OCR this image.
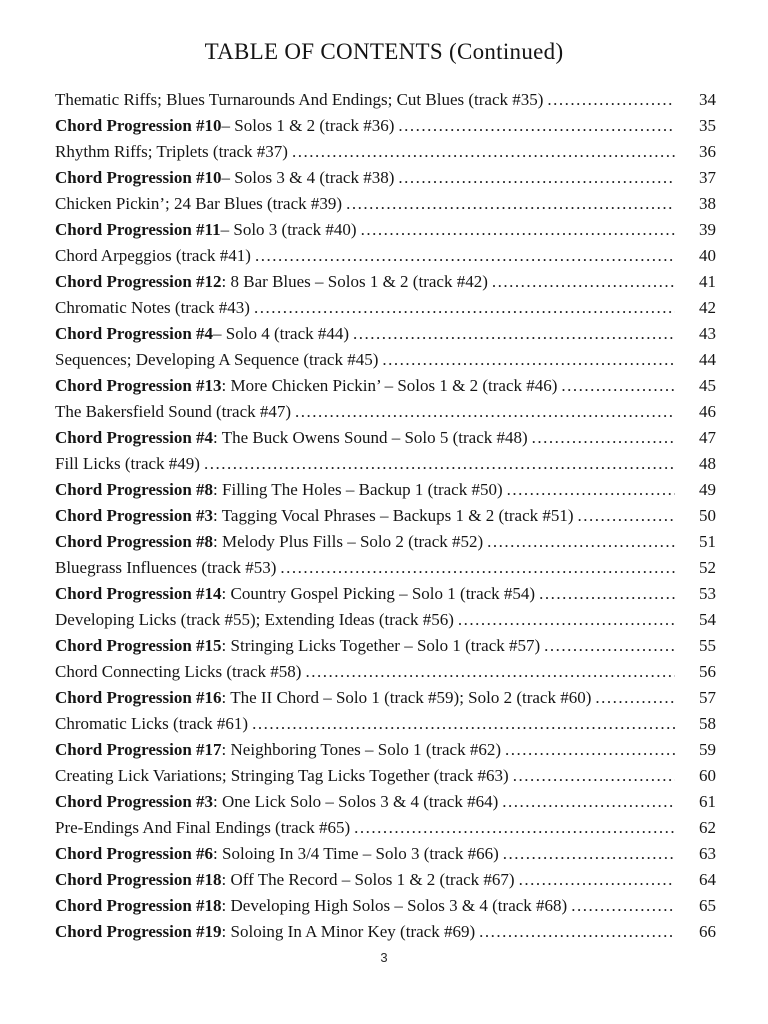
TABLE OF CONTENTS (Continued)
Thematic Riffs; Blues Turnarounds And Endings; Cut Blues (track #35) .....	34
Chord Progression #10 – Solos 1 & 2 (track #36) .....	35
Rhythm Riffs; Triplets (track #37) .....	36
Chord Progression #10 – Solos 3 & 4 (track #38) .....	37
Chicken Pickin’; 24 Bar Blues (track #39) .....	38
Chord Progression #11 – Solo 3 (track #40) .....	39
Chord Arpeggios (track #41) .....	40
Chord Progression #12 : 8 Bar Blues – Solos 1 & 2 (track #42) .....	41
Chromatic Notes (track #43) .....	42
Chord Progression #4 – Solo 4 (track #44) .....	43
Sequences; Developing A Sequence (track #45) .....	44
Chord Progression #13 : More Chicken Pickin’ – Solos 1 & 2 (track #46) .....	45
The Bakersfield Sound (track #47) .....	46
Chord Progression #4 : The Buck Owens Sound – Solo 5 (track #48) .....	47
Fill Licks (track #49) .....	48
Chord Progression #8 : Filling The Holes – Backup 1 (track #50) .....	49
Chord Progression #3 : Tagging Vocal Phrases – Backups 1 & 2 (track #51) .....	50
Chord Progression #8 : Melody Plus Fills – Solo 2 (track #52) .....	51
Bluegrass Influences (track #53) .....	52
Chord Progression #14 : Country Gospel Picking – Solo 1 (track #54) .....	53
Developing Licks (track #55); Extending Ideas (track #56) .....	54
Chord Progression #15 : Stringing Licks Together – Solo 1 (track #57) .....	55
Chord Connecting Licks (track #58) .....	56
Chord Progression #16 : The II Chord – Solo 1 (track #59); Solo 2 (track #60) .....	57
Chromatic Licks (track #61) .....	58
Chord Progression #17 : Neighboring Tones – Solo 1 (track #62) .....	59
Creating Lick Variations; Stringing Tag Licks Together (track #63) .....	60
Chord Progression #3 : One Lick Solo – Solos 3 & 4 (track #64) .....	61
Pre-Endings And Final Endings (track #65) .....	62
Chord Progression #6 : Soloing In 3/4 Time – Solo 3 (track #66) .....	63
Chord Progression #18 : Off The Record – Solos 1 & 2 (track #67) .....	64
Chord Progression #18 : Developing High Solos – Solos 3 & 4 (track #68) .....	65
Chord Progression #19 : Soloing In A Minor Key (track #69) .....	66
3
